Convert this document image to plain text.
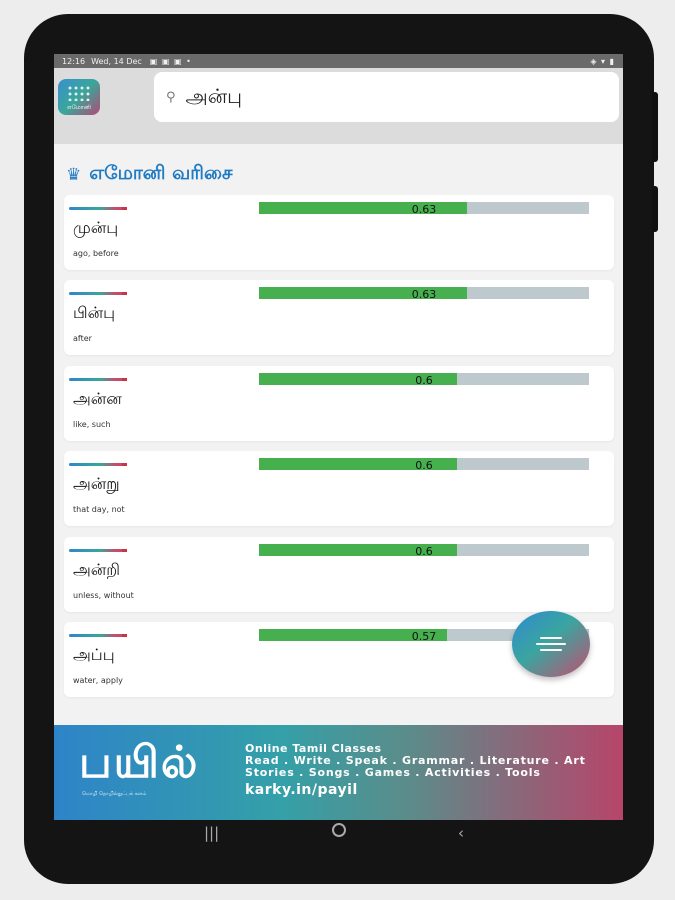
12:16 Wed, 14 Dec ▣ ▣ ▣ •	◈ ▾ ▮
எமோனி
⚲
அன்பு
♛ எமோனி வரிசை
முன்பு
ago, before
0.63
பின்பு
after
0.63
அன்ன
like, such
0.6
அன்று
that day, not
0.6
அன்றி
unless, without
0.6
அப்பு
water, apply
0.57
பயில்
மொழி தொழில்நுட்பக் களம்
Online Tamil Classes
Read . Write . Speak . Grammar . Literature . Art
Stories . Songs . Games . Activities . Tools
karky.in/payil
|||	‹
